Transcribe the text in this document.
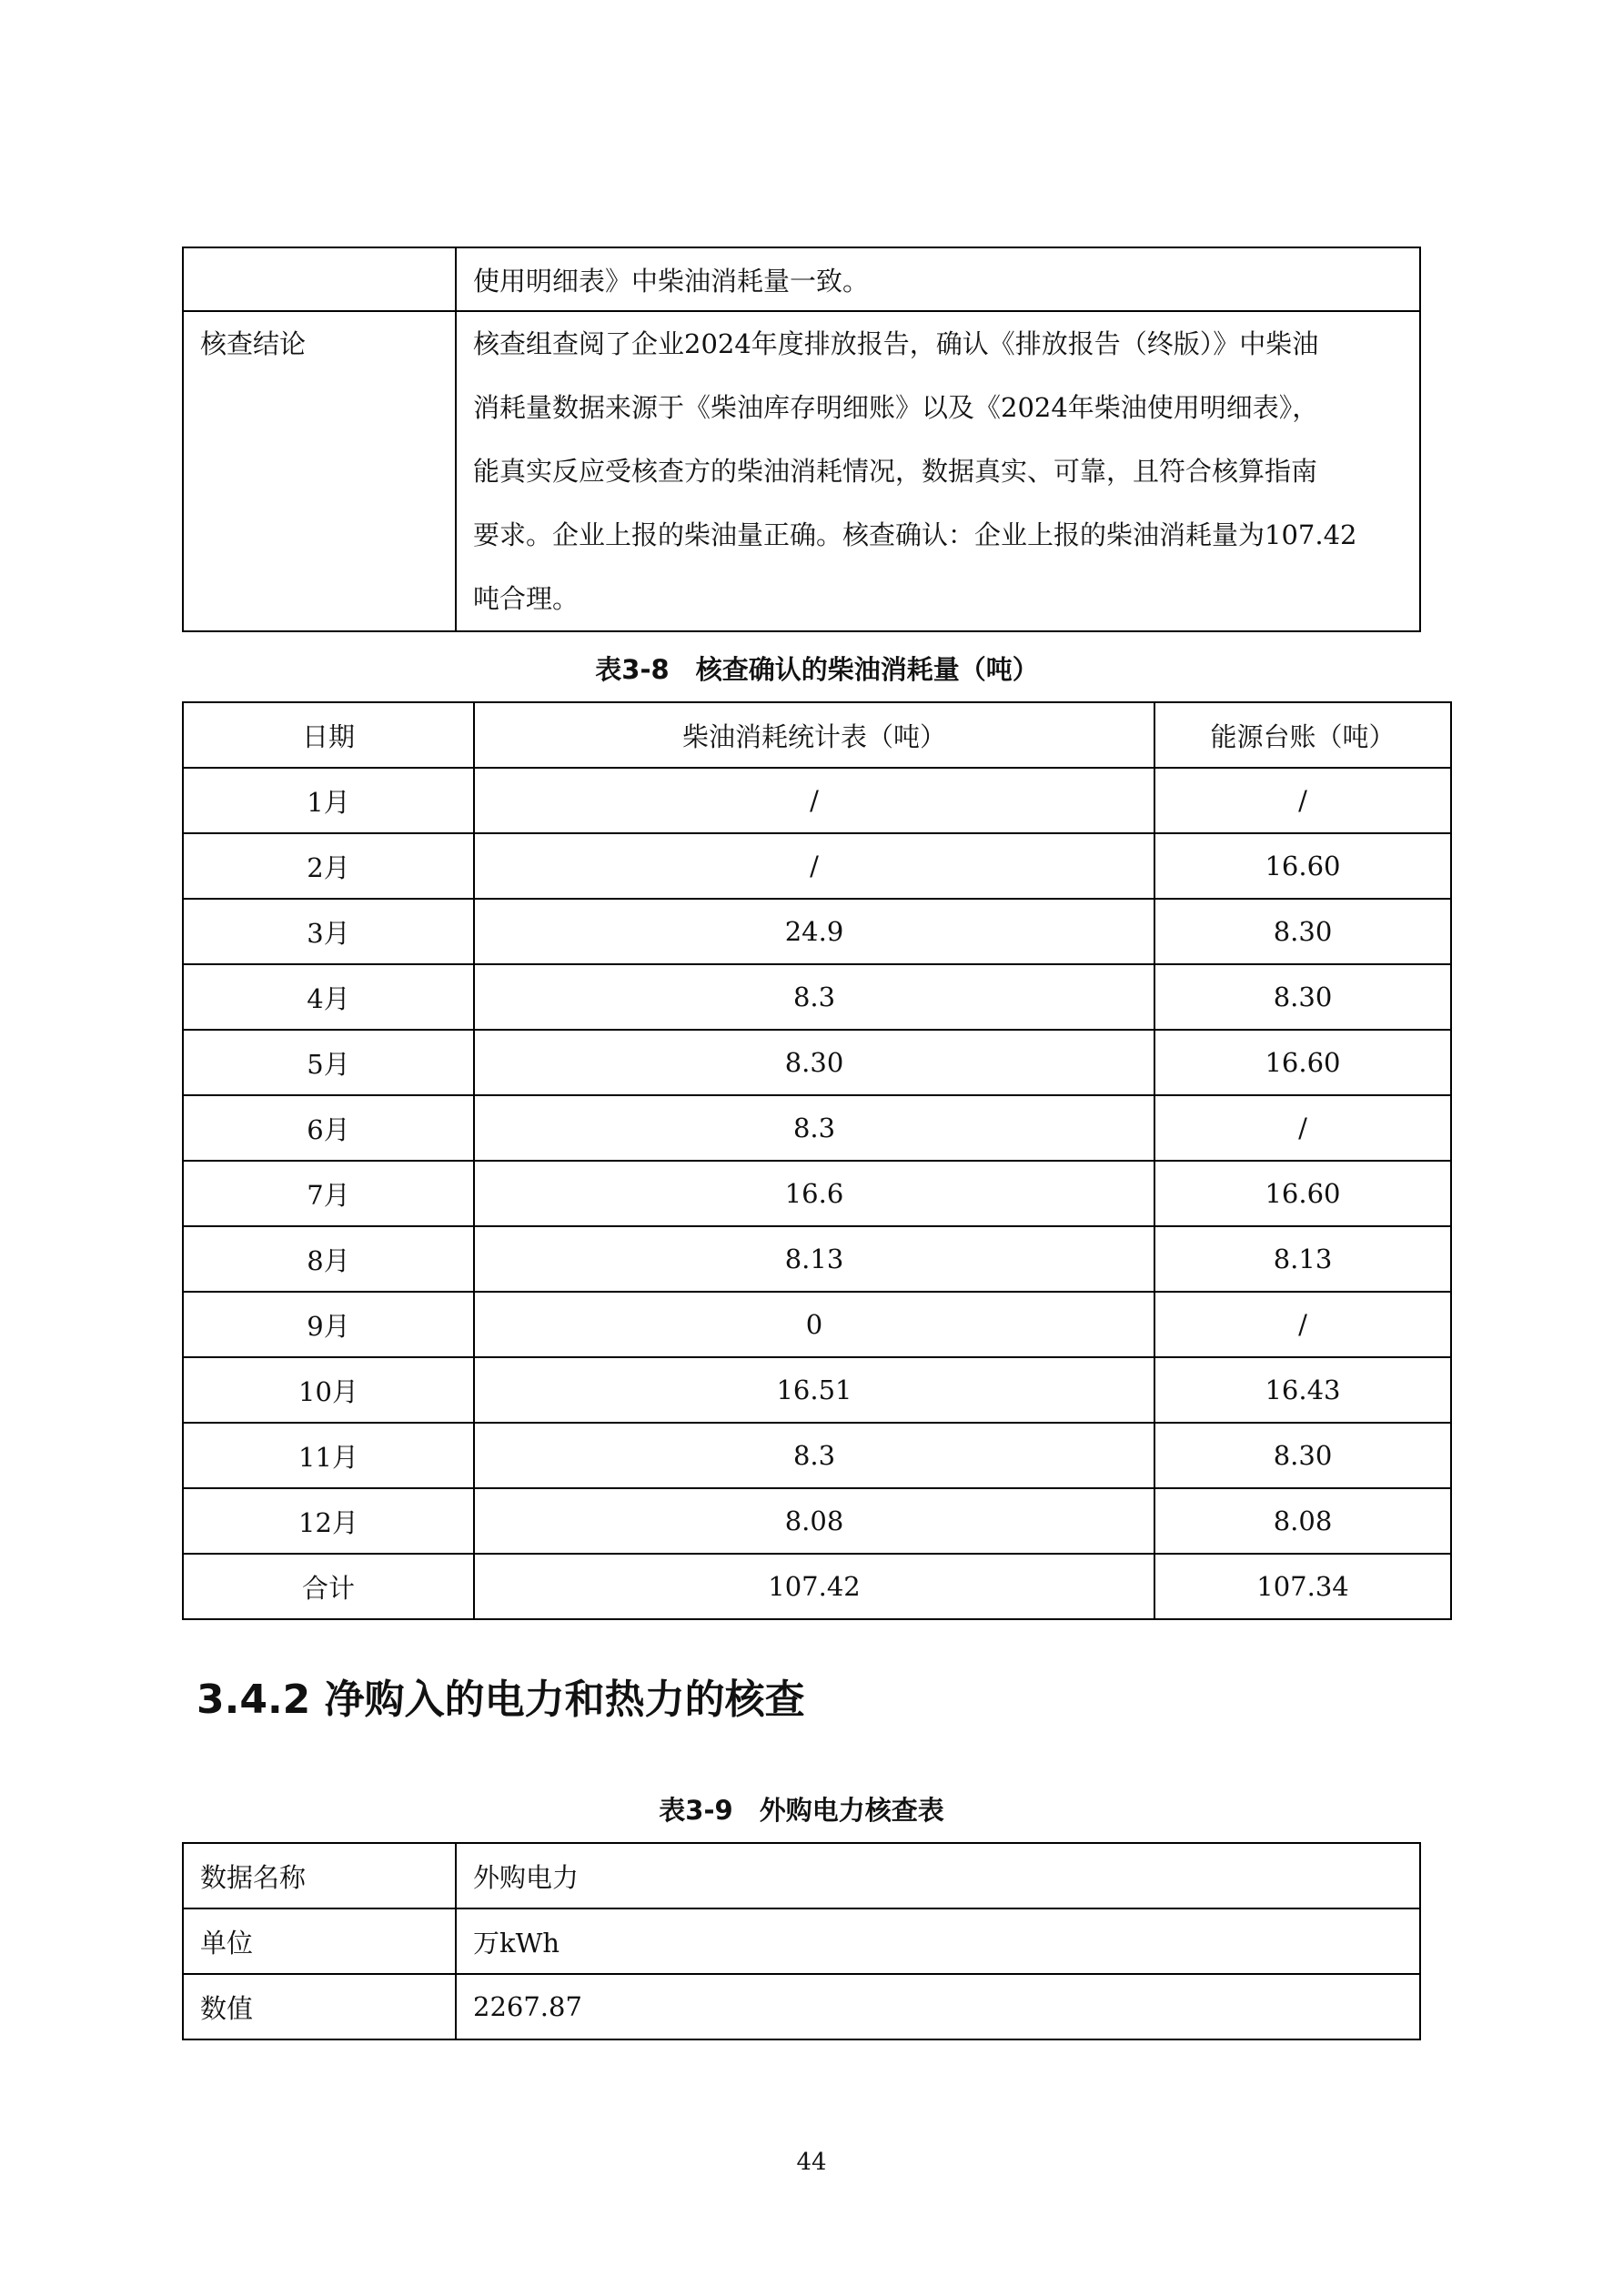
	使用明细表》中柴油消耗量一致。
核查结论	核查组查阅了企业2024年度排放报告，确认《排放报告（终版）》中柴油
消耗量数据来源于《柴油库存明细账》以及《2024年柴油使用明细表》，
能真实反应受核查方的柴油消耗情况，数据真实、可靠，且符合核算指南
要求。企业上报的柴油量正确。核查确认：企业上报的柴油消耗量为107.42
吨合理。
表3-8　核查确认的柴油消耗量（吨）
日期	柴油消耗统计表（吨）	能源台账（吨）
1月	/	/
2月	/	16.60
3月	24.9	8.30
4月	8.3	8.30
5月	8.30	16.60
6月	8.3	/
7月	16.6	16.60
8月	8.13	8.13
9月	0	/
10月	16.51	16.43
11月	8.3	8.30
12月	8.08	8.08
合计	107.42	107.34
3.4.2 净购入的电力和热力的核查
表3-9　外购电力核查表
数据名称	外购电力
单位	万kWh
数值	2267.87
44
